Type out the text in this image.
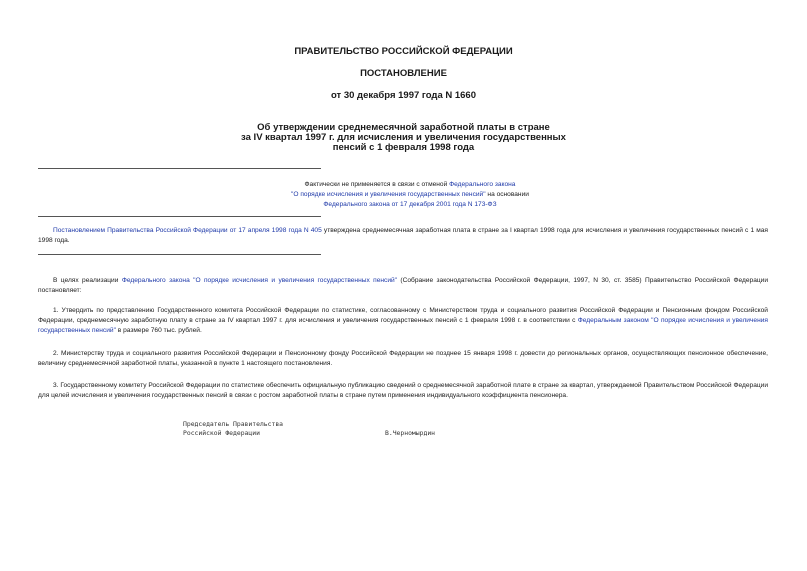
ПРАВИТЕЛЬСТВО РОССИЙСКОЙ ФЕДЕРАЦИИ
ПОСТАНОВЛЕНИЕ
от 30 декабря 1997 года N 1660
Об утверждении среднемесячной заработной платы в стране
за IV квартал 1997 г. для исчисления и увеличения государственных
пенсий с 1 февраля 1998 года
Фактически не применяется в связи с отменой Федерального закона
"О порядке исчисления и увеличения государственных пенсий" на основании
Федерального закона от 17 декабря 2001 года N 173-ФЗ
Постановлением Правительства Российской Федерации от 17 апреля 1998 года N 405 утверждена среднемесячная заработная плата в стране за I квартал 1998 года для исчисления и увеличения государственных пенсий с 1 мая 1998 года.
В целях реализации Федерального закона "О порядке исчисления и увеличения государственных пенсий" (Собрание законодательства Российской Федерации, 1997, N 30, ст. 3585) Правительство Российской Федерации постановляет:
1. Утвердить по представлению Государственного комитета Российской Федерации по статистике, согласованному с Министерством труда и социального развития Российской Федерации и Пенсионным фондом Российской Федерации, среднемесячную заработную плату в стране за IV квартал 1997 г. для исчисления и увеличения государственных пенсий с 1 февраля 1998 г. в соответствии с Федеральным законом "О порядке исчисления и увеличения государственных пенсий" в размере 760 тыс. рублей.
2. Министерству труда и социального развития Российской Федерации и Пенсионному фонду Российской Федерации не позднее 15 января 1998 г. довести до региональных органов, осуществляющих пенсионное обеспечение, величину среднемесячной заработной платы, указанной в пункте 1 настоящего постановления.
3. Государственному комитету Российской Федерации по статистике обеспечить официальную публикацию сведений о среднемесячной заработной плате в стране за квартал, утверждаемой Правительством Российской Федерации для целей исчисления и увеличения государственных пенсий в связи с ростом заработной платы в стране путем применения индивидуального коэффициента пенсионера.
Председатель Правительства
Российской Федерации	В.Черномырдин
